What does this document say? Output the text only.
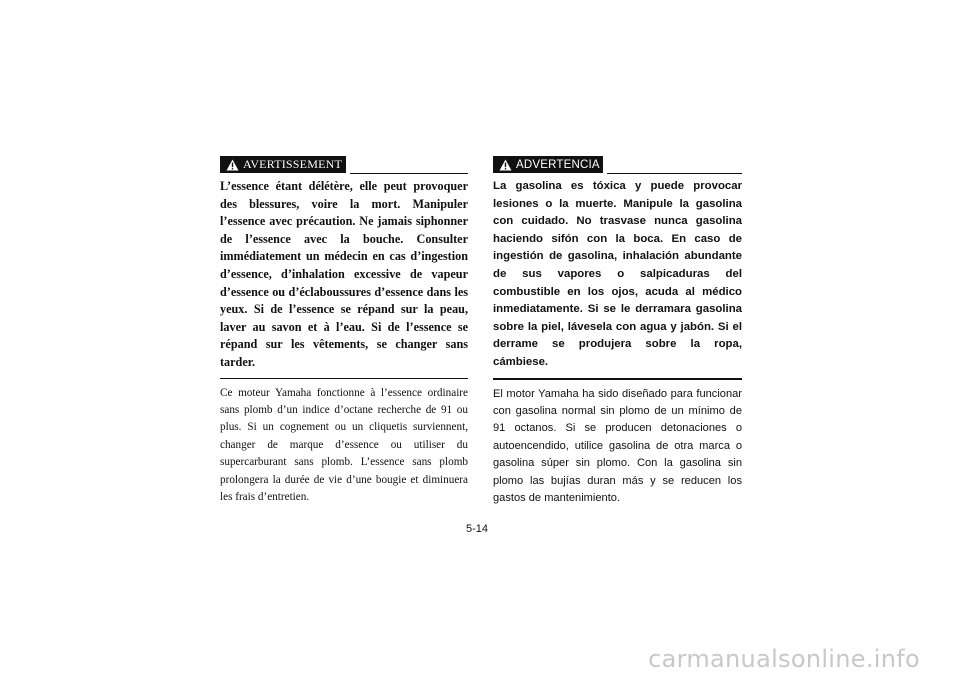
AVERTISSEMENT

L’essence étant délétère, elle peut provoquer des blessures, voire la mort. Manipuler l’essence avec précaution. Ne jamais siphonner de l’essence avec la bouche. Consulter immédiatement un médecin en cas d’ingestion d’essence, d’inhalation excessive de vapeur d’essence ou d’éclaboussures d’essence dans les yeux. Si de l’essence se répand sur la peau, laver au savon et à l’eau. Si de l’essence se répand sur les vêtements, se changer sans tarder.

Ce moteur Yamaha fonctionne à l’essence ordinaire sans plomb d’un indice d’octane recherche de 91 ou plus. Si un cognement ou un cliquetis surviennent, changer de marque d’essence ou utiliser du supercarburant sans plomb. L’essence sans plomb prolongera la durée de vie d’une bougie et diminuera les frais d’entretien.

ADVERTENCIA

La gasolina es tóxica y puede provocar lesiones o la muerte. Manipule la gasolina con cuidado. No trasvase nunca gasolina haciendo sifón con la boca. En caso de ingestión de gasolina, inhalación abundante de sus vapores o salpicaduras del combustible en los ojos, acuda al médico inmediatamente. Si se le derramara gasolina sobre la piel, lávesela con agua y jabón. Si el derrame se produjera sobre la ropa, cámbiese.

El motor Yamaha ha sido diseñado para funcionar con gasolina normal sin plomo de un mínimo de 91 octanos. Si se producen detonaciones o autoencendido, utilice gasolina de otra marca o gasolina súper sin plomo. Con la gasolina sin plomo las bujías duran más y se reducen los gastos de mantenimiento.

5-14
carmanualsonline.info
